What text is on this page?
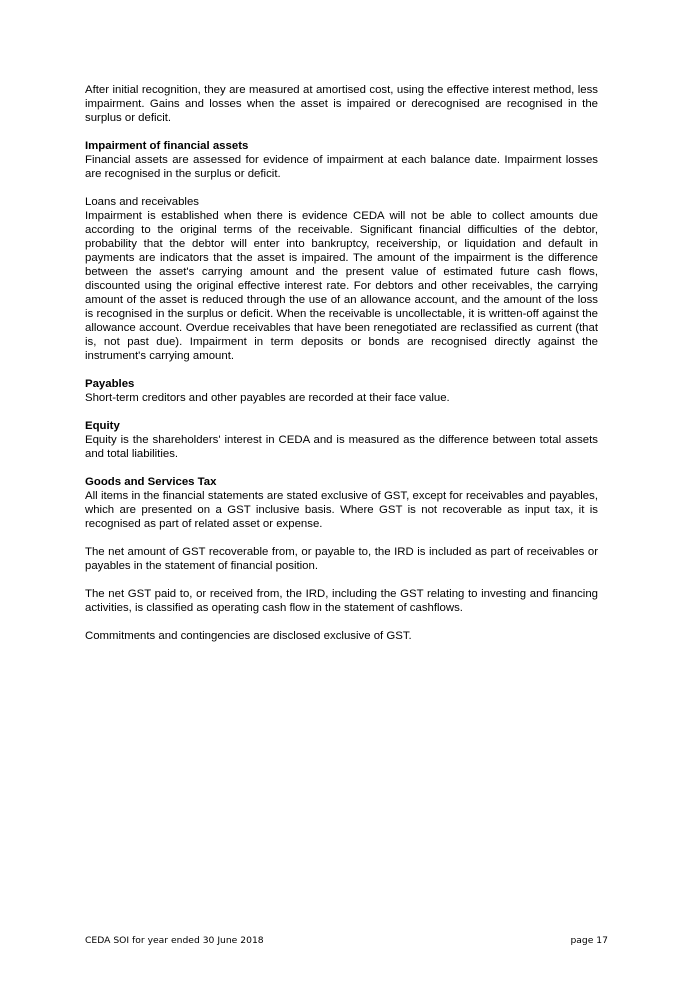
After initial recognition, they are measured at amortised cost, using the effective interest method, less impairment. Gains and losses when the asset is impaired or derecognised are recognised in the surplus or deficit.

Impairment of financial assets

Financial assets are assessed for evidence of impairment at each balance date. Impairment losses are recognised in the surplus or deficit.

Loans and receivables

Impairment is established when there is evidence CEDA will not be able to collect amounts due according to the original terms of the receivable. Significant financial difficulties of the debtor, probability that the debtor will enter into bankruptcy, receivership, or liquidation and default in payments are indicators that the asset is impaired. The amount of the impairment is the difference between the asset's carrying amount and the present value of estimated future cash flows, discounted using the original effective interest rate. For debtors and other receivables, the carrying amount of the asset is reduced through the use of an allowance account, and the amount of the loss is recognised in the surplus or deficit. When the receivable is uncollectable, it is written-off against the allowance account. Overdue receivables that have been renegotiated are reclassified as current (that is, not past due). Impairment in term deposits or bonds are recognised directly against the instrument's carrying amount.

Payables

Short-term creditors and other payables are recorded at their face value.

Equity

Equity is the shareholders' interest in CEDA and is measured as the difference between total assets and total liabilities.

Goods and Services Tax

All items in the financial statements are stated exclusive of GST, except for receivables and payables, which are presented on a GST inclusive basis. Where GST is not recoverable as input tax, it is recognised as part of related asset or expense.

The net amount of GST recoverable from, or payable to, the IRD is included as part of receivables or payables in the statement of financial position.

The net GST paid to, or received from, the IRD, including the GST relating to investing and financing activities, is classified as operating cash flow in the statement of cashflows.

Commitments and contingencies are disclosed exclusive of GST.

CEDA SOI for year ended 30 June 2018	page 17
